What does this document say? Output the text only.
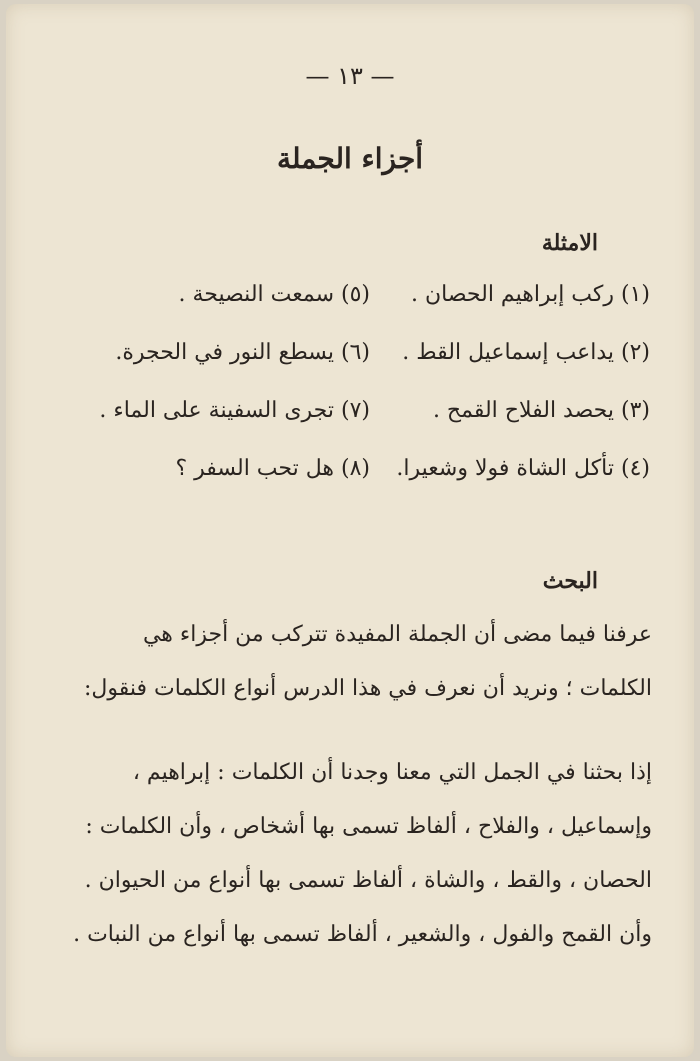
— ١٣ —
أجزاء الجملة
الامثلة
(١) ركب إبراهيم الحصان .
(٥) سمعت النصيحة .
(٢) يداعب إسماعيل القط .
(٦) يسطع النور في الحجرة.
(٣) يحصد الفلاح القمح .
(٧) تجرى السفينة على الماء .
(٤) تأكل الشاة فولا وشعيرا.
(٨) هل تحب السفر ؟
البحث
عرفنا فيما مضى أن الجملة المفيدة تتركب من أجزاء هي
الكلمات ؛ ونريد أن نعرف في هذا الدرس أنواع الكلمات فنقول:
إذا بحثنا في الجمل التي معنا وجدنا أن الكلمات : إبراهيم ،
وإسماعيل ، والفلاح ، ألفاظ تسمى بها أشخاص ، وأن الكلمات :
الحصان ، والقط ، والشاة ، ألفاظ تسمى بها أنواع من الحيوان .
وأن القمح والفول ، والشعير ، ألفاظ تسمى بها أنواع من النبات .
